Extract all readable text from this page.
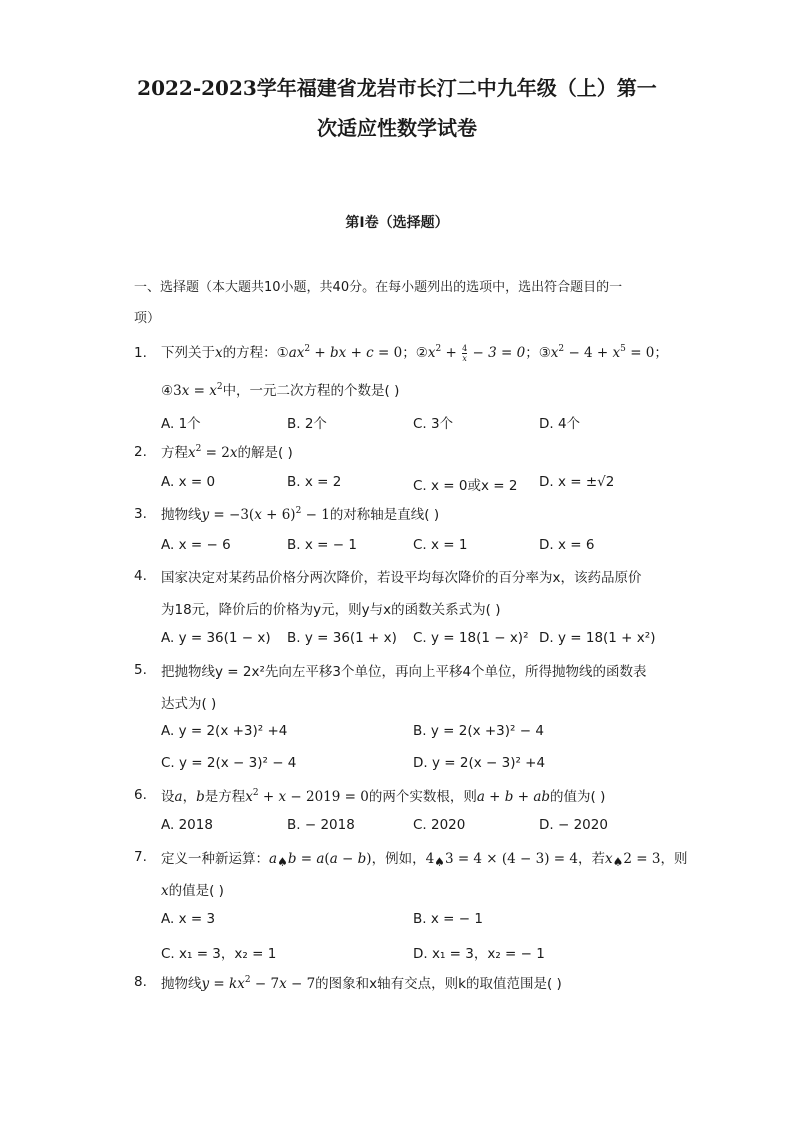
2022-2023学年福建省龙岩市长汀二中九年级（上）第一
次适应性数学试卷
第I卷（选择题）
一、选择题（本大题共10小题，共40分。在每小题列出的选项中，选出符合题目的一
项）
1. 下列关于x的方程：$①ax^2$ + bx + c = 0；$②x^2 + \frac{4}{x} - 3 = 0$；$③x^2 - 4 + x^5 = 0$；
④3x = $x^2$中，一元二次方程的个数是( )
A. 1个	B. 2个	C. 3个	D. 4个
2. 方程$x^2 = 2x$的解是( )
A. x = 0	B. x = 2	C. x = 0或x = 2 D. x = ±√2
3. 抛物线$y = -3(x + 6)^2 - 1$的对称轴是直线( )
A. x = − 6	B. x = − 1	C. x = 1	D. x = 6
4. 国家决定对某药品价格分两次降价，若设平均每次降价的百分率为x，该药品原价
为18元，降价后的价格为y元，则y与x的函数关系式为( )
A. y = 36(1 − x) B. y = 36(1 + x) C. y = 18(1 − x)² D. y = 18(1 + x²)
5. 把抛物线y = 2x²先向左平移3个单位，再向上平移4个单位，所得抛物线的函数表
达式为( )
A. y = 2(x +3)² +4	B. y = 2(x +3)² − 4
C. y = 2(x − 3)² − 4	D. y = 2(x − 3)² +4
6. 设a，b是方程$x^2 + x - 2019 = 0$的两个实数根，则a + b + ab的值为( )
A. 2018	B. − 2018	C. 2020	D. − 2020
7. 定义一种新运算：a♠b = a(a − b)，例如，4♠3 = 4 × (4 − 3) = 4，若x♠2 = 3，则
x的值是( )
A. x = 3	B. x = − 1
C. x₁ = 3，x₂ = 1	D. x₁ = 3，x₂ = − 1
8. 抛物线$y = kx^2 - 7x - 7$的图象和x轴有交点，则k的取值范围是( )
